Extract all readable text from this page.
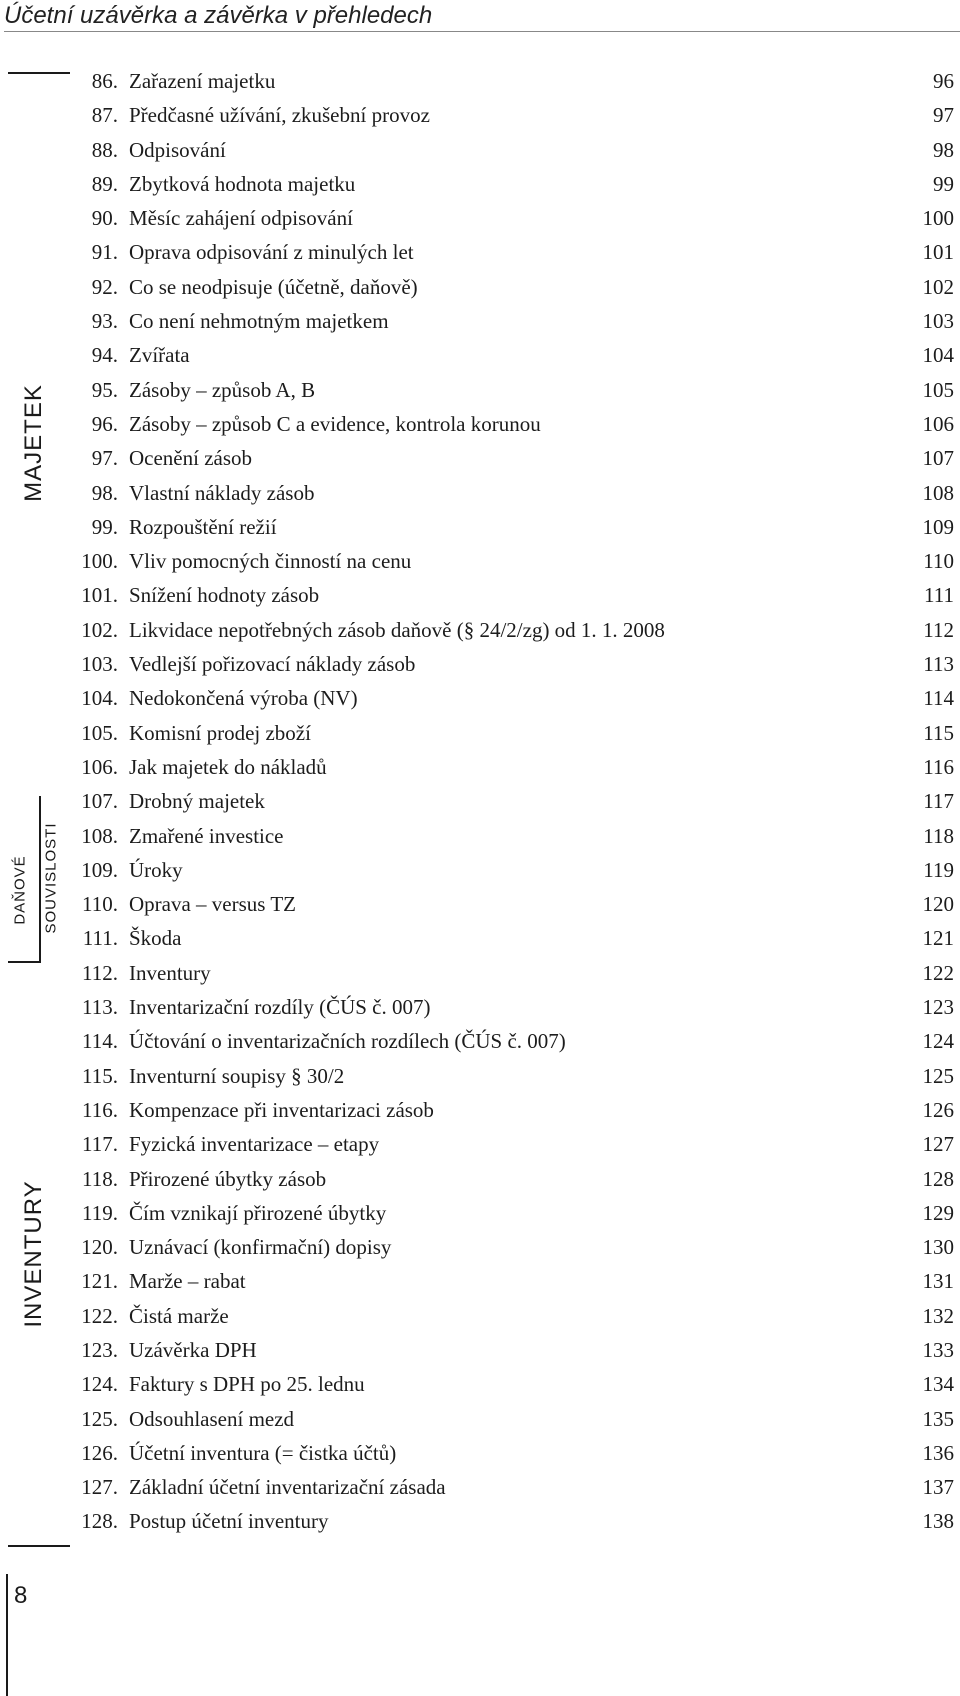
Účetní uzávěrka a závěrka v přehledech
MAJETEK
DAŇOVÉ SOUVISLOSTI
INVENTURY
86. Zařazení majetku	96
87. Předčasné užívání, zkušební provoz	97
88. Odpisování	98
89. Zbytková hodnota majetku	99
90. Měsíc zahájení odpisování	100
91. Oprava odpisování z minulých let	101
92. Co se neodpisuje (účetně, daňově)	102
93. Co není nehmotným majetkem	103
94. Zvířata	104
95. Zásoby – způsob A, B	105
96. Zásoby – způsob C a evidence, kontrola korunou	106
97. Ocenění zásob	107
98. Vlastní náklady zásob	108
99. Rozpouštění režií	109
100. Vliv pomocných činností na cenu	110
101. Snížení hodnoty zásob	111
102. Likvidace nepotřebných zásob daňově (§ 24/2/zg) od 1. 1. 2008	112
103. Vedlejší pořizovací náklady zásob	113
104. Nedokončená výroba (NV)	114
105. Komisní prodej zboží	115
106. Jak majetek do nákladů	116
107. Drobný majetek	117
108. Zmařené investice	118
109. Úroky	119
110. Oprava – versus TZ	120
111. Škoda	121
112. Inventury	122
113. Inventarizační rozdíly (ČÚS č. 007)	123
114. Účtování o inventarizačních rozdílech (ČÚS č. 007)	124
115. Inventurní soupisy § 30/2	125
116. Kompenzace při inventarizaci zásob	126
117. Fyzická inventarizace – etapy	127
118. Přirozené úbytky zásob	128
119. Čím vznikají přirozené úbytky	129
120. Uznávací (konfirmační) dopisy	130
121. Marže – rabat	131
122. Čistá marže	132
123. Uzávěrka DPH	133
124. Faktury s DPH po 25. lednu	134
125. Odsouhlasení mezd	135
126. Účetní inventura (= čistka účtů)	136
127. Základní účetní inventarizační zásada	137
128. Postup účetní inventury	138
8
